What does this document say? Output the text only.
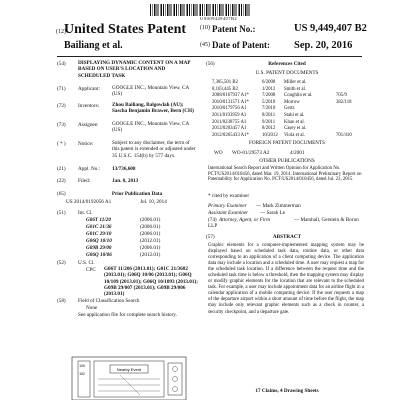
US009449407B2
(12)
United States Patent
Bailiang et al.
(10) Patent No.:	US 9,449,407 B2
(45) Date of Patent: Sep. 20, 2016
(54) DISPLAYING DYNAMIC CONTENT ON A MAP BASED ON USER'S LOCATION AND SCHEDULED TASK
(71) Applicant: GOOGLE INC., Mountain View, CA (US)
(72) Inventors: Zhou Bailiang, Balgowlah (AU); Sascha Benjamin Brawer, Bern (CH)
(73) Assignee:	GOOGLE INC., Mountain View, CA (US)
( * ) Notice:	Subject to any disclaimer, the term of this patent is extended or adjusted under 35 U.S.C. 154(b) by 577 days.
(21) Appl. No.: 13/736,608
(22) Filed:	Jan. 8, 2013
(65)	Prior Publication Data
US 2014/0192056 A1	Jul. 10, 2014
(51) Int. Cl.
G06T 11/20	(2006.01)
G01C 21/36	(2006.01)
G01C 29/10	(2006.01)
G06Q 10/10	(2012.01)
G09B 29/00	(2006.01)
G06Q 10/06	(2012.01)
(52) U.S. Cl.
CPC G06T 11/206 (2013.01); G01C 21/3682 (2013.01); G06Q 10/06 (2013.01); G06Q 10/109 (2013.01); G06Q 10/1093 (2013.01); G09B 29/007 (2013.01); G09B 29/006 (2013.01)
(58) Field of Classification Search
None
See application file for complete search history.
Nearby Event
100
102
(56)	References Cited
U.S. PATENT DOCUMENTS
7,385,501 B2	6/2008 Miller et al.
8,103,445 B2	1/2012 Smith et al.
2008/0167937 A1*	7/2008 Coughlin et al.	705/9
2010/0131571 A1*	5/2010 Morrow	382/118
2010/0179756 A1	7/2010 Gertz
2011/0193959 A1	8/2011 Stahl et al.
2011/0238755 A1	9/2011 Khan et al.
2012/0203457 A1	8/2012 Casey et al.
2012/0265433 A1*	10/2012 Viola et al.	701/410
FOREIGN PATENT DOCUMENTS
WO WO-01/29573 A2	4/2001
OTHER PUBLICATIONS
International Search Report and Written Opinion for Application No. PCT/US2014/010456, dated Mar. 19, 2014. International Preliminary Report on Patentability for Application No. PCT/US2014/010456, dated Jul. 23, 2015
* cited by examiner
Primary Examiner — Mark Zimmerman
Assistant Examiner — Sarah Le
(74) Attorney, Agent, or Firm	— Marshall, Gerstein & Borun LLP
(57)	ABSTRACT
Graphic elements for a computer-implemented mapping system may be displayed based on scheduled task data, routine data, or other data corresponding to an application of a client computing device. The application data may include a location and a scheduled time. A user may request a map for the scheduled task location. If a difference between the request time and the scheduled task time is below a threshold, then the mapping system may display or modify graphic elements for the location that are relevant to the scheduled task. For example, a user may include appointment data for an airline flight in a calendar application of a mobile computing device. If the user requests a map of the departure airport within a short amount of time before the flight, the map may include only relevant graphic elements such as a check in counter, a security checkpoint, and a departure gate.
17 Claims, 4 Drawing Sheets
